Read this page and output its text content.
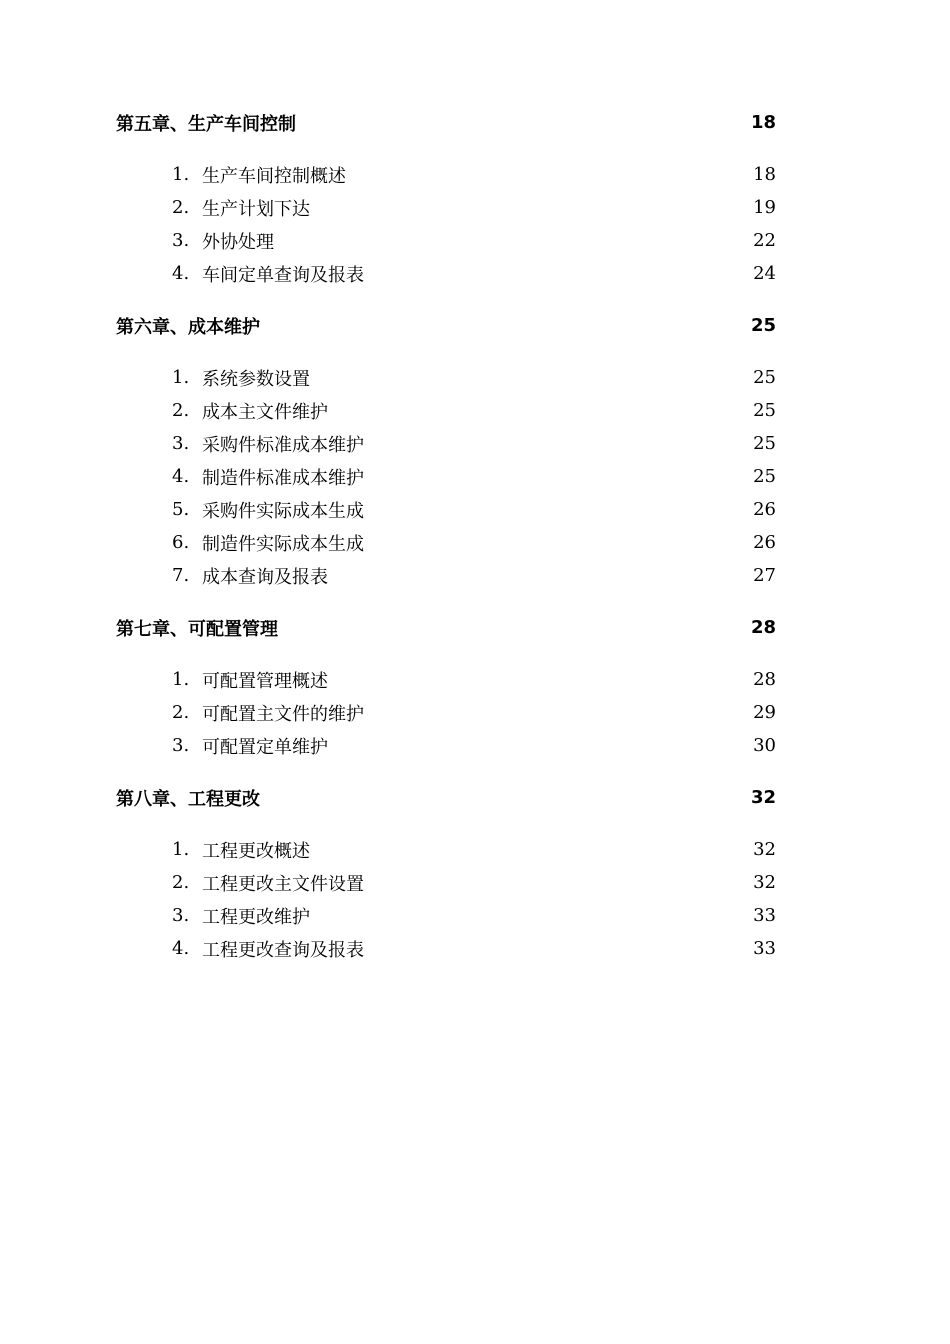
第五章、生产车间控制	18
1. 生产车间控制概述	18
2. 生产计划下达	19
3. 外协处理	22
4. 车间定单查询及报表	24
第六章、成本维护	25
1. 系统参数设置	25
2. 成本主文件维护	25
3. 采购件标准成本维护	25
4. 制造件标准成本维护	25
5. 采购件实际成本生成	26
6. 制造件实际成本生成	26
7. 成本查询及报表	27
第七章、可配置管理	28
1. 可配置管理概述	28
2. 可配置主文件的维护	29
3. 可配置定单维护	30
第八章、工程更改	32
1. 工程更改概述	32
2. 工程更改主文件设置	32
3. 工程更改维护	33
4. 工程更改查询及报表	33
